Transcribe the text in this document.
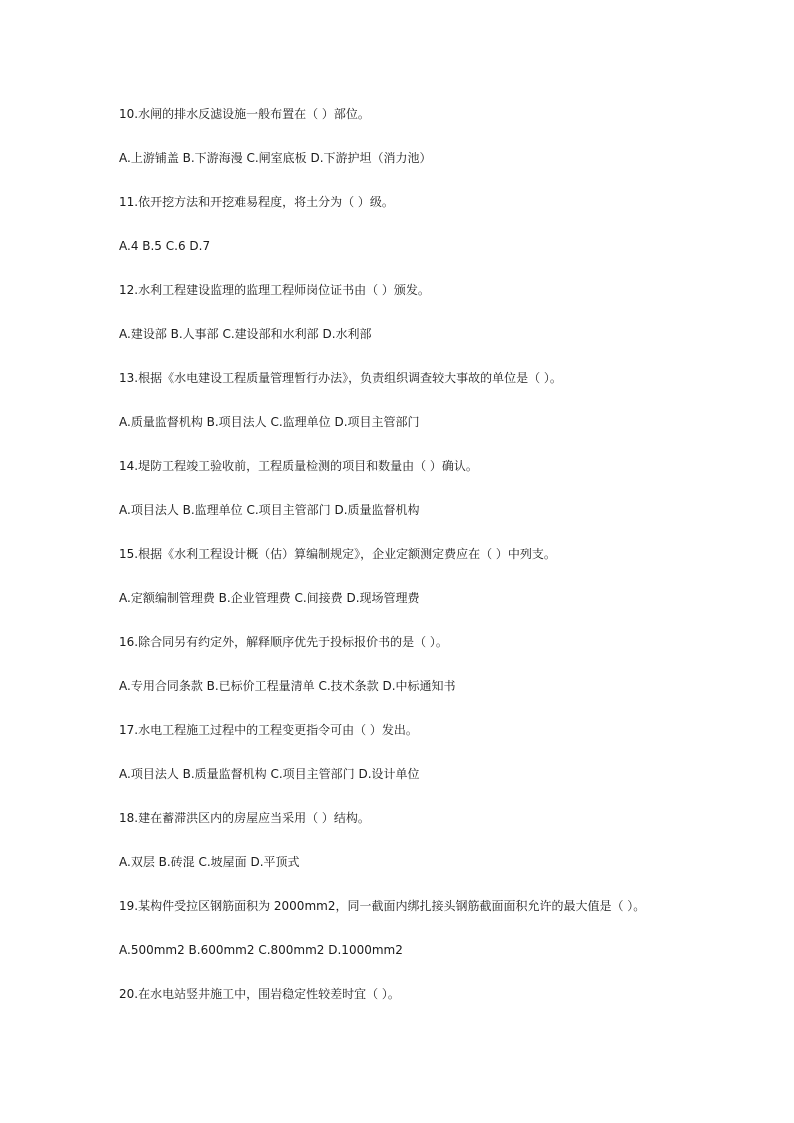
10.水闸的排水反滤设施一般布置在（ ）部位。
A.上游铺盖 B.下游海漫 C.闸室底板 D.下游护坦（消力池）
11.依开挖方法和开挖难易程度，将土分为（ ）级。
A.4 B.5 C.6 D.7
12.水利工程建设监理的监理工程师岗位证书由（ ）颁发。
A.建设部 B.人事部 C.建设部和水利部 D.水利部
13.根据《水电建设工程质量管理暂行办法》，负责组织调查较大事故的单位是（ ）。
A.质量监督机构 B.项目法人 C.监理单位 D.项目主管部门
14.堤防工程竣工验收前，工程质量检测的项目和数量由（ ）确认。
A.项目法人 B.监理单位 C.项目主管部门 D.质量监督机构
15.根据《水利工程设计概（估）算编制规定》，企业定额测定费应在（ ）中列支。
A.定额编制管理费 B.企业管理费 C.间接费 D.现场管理费
16.除合同另有约定外，解释顺序优先于投标报价书的是（ ）。
A.专用合同条款 B.已标价工程量清单 C.技术条款 D.中标通知书
17.水电工程施工过程中的工程变更指令可由（ ）发出。
A.项目法人 B.质量监督机构 C.项目主管部门 D.设计单位
18.建在蓄滞洪区内的房屋应当采用（ ）结构。
A.双层 B.砖混 C.坡屋面 D.平顶式
19.某构件受拉区钢筋面积为 2000mm2，同一截面内绑扎接头钢筋截面面积允许的最大值是（ ）。
A.500mm2 B.600mm2 C.800mm2 D.1000mm2
20.在水电站竖井施工中，围岩稳定性较差时宜（ ）。
